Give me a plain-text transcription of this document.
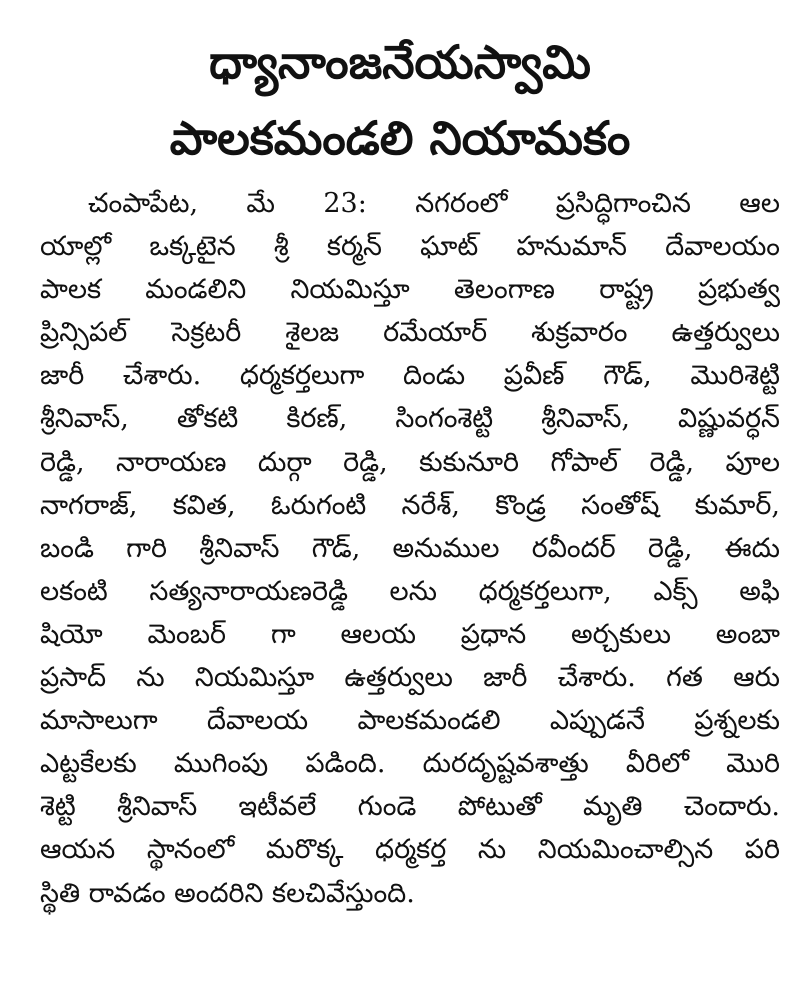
ధ్యానాంజనేయస్వామి
పాలకమండలి నియామకం
చంపాపేట, మే 23: నగరంలో ప్రసిద్ధిగాంచిన ఆల
యాల్లో ఒక్కటైన శ్రీ కర్మన్ ఘాట్ హనుమాన్ దేవాలయం
పాలక మండలిని నియమిస్తూ తెలంగాణ రాష్ట్ర ప్రభుత్వ
ప్రిన్సిపల్ సెక్రటరీ శైలజ రమేయార్ శుక్రవారం ఉత్తర్వులు
జారీ చేశారు. ధర్మకర్తలుగా దిండు ప్రవీణ్ గౌడ్, మొరిశెట్టి
శ్రీనివాస్, తోకటి కిరణ్, సింగంశెట్టి శ్రీనివాస్, విష్ణువర్ధన్
రెడ్డి, నారాయణ దుర్గా రెడ్డి, కుకునూరి గోపాల్ రెడ్డి, పూల
నాగరాజ్, కవిత, ఓరుగంటి నరేశ్, కొండ్ర సంతోష్ కుమార్,
బండి గారి శ్రీనివాస్ గౌడ్, అనుముల రవీందర్ రెడ్డి, ఈదు
లకంటి సత్యనారాయణరెడ్డి లను ధర్మకర్తలుగా, ఎక్స్ అఫి
షియో మెంబర్ గా ఆలయ ప్రధాన అర్చకులు అంబా
ప్రసాద్ ను నియమిస్తూ ఉత్తర్వులు జారీ చేశారు. గత ఆరు
మాసాలుగా దేవాలయ పాలకమండలి ఎప్పుడనే ప్రశ్నలకు
ఎట్టకేలకు ముగింపు పడింది. దురదృష్టవశాత్తు వీరిలో మొరి
శెట్టి శ్రీనివాస్ ఇటీవలే గుండె పోటుతో మృతి చెందారు.
ఆయన స్థానంలో మరొక్క ధర్మకర్త ను నియమించాల్సిన పరి
స్థితి రావడం అందరిని కలచివేస్తుంది.
